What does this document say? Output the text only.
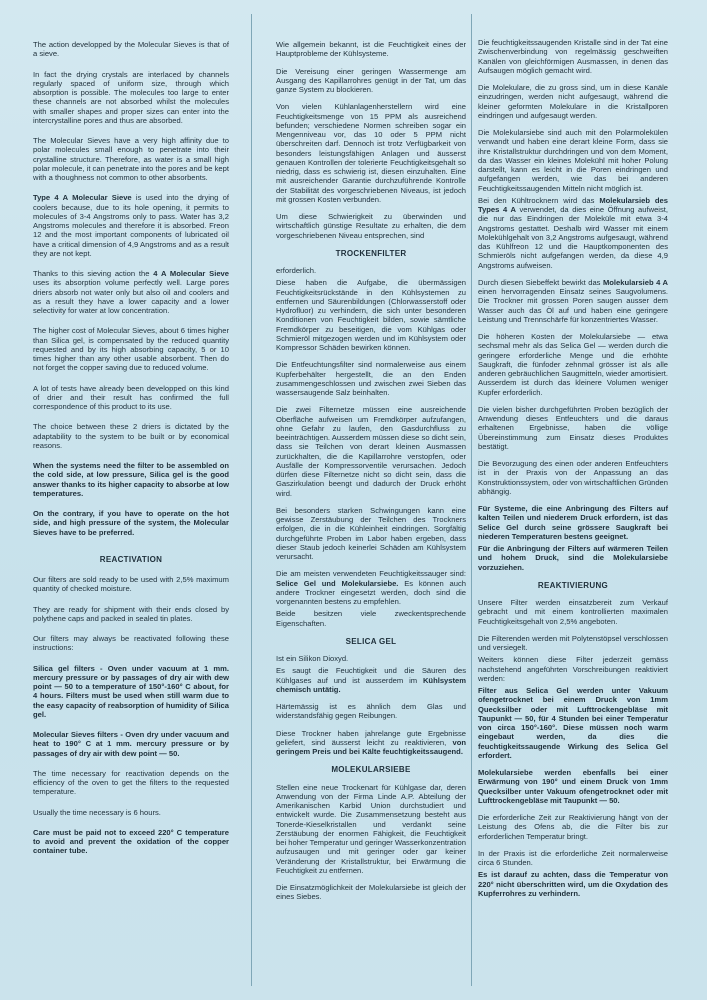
The action developped by the Molecular Sieves is that of a sieve.

In fact the drying crystals are interlaced by channels regularly spaced of uniform size, through which absorption is possible. The molecules too large to enter these channels are not absorbed whilst the molecules with smaller shapes and proper sizes can enter into the intercrystalline pores and thus are absorbed.

The Molecular Sieves have a very high affinity due to polar molecules small enough to penetrate into their crystalline structure. Therefore, as water is a small high polar molecule, it can penetrate into the pores and be kept with a thoughness not common to other absorbents.

Type 4 A Molecular Sieve is used into the drying of coolers because, due to its hole opening, it permits to molecules of 3-4 Angstroms only to pass. Water has 3,2 Angstroms molecules and therefore it is absorbed. Freon 12 and the most important components of lubricated oil have a critical dimension of 4,9 Angstroms and as a result they are not kept.

Thanks to this sieving action the 4 A Molecular Sieve uses its absorption volume perfectly well. Large pores driers absorb not water only but also oil and coolers and as a result they have a lower capacity and a lower selectivity for water at low concentration.

The higher cost of Molecular Sieves, about 6 times higher than Silica gel, is compensated by the reduced quantity requested and by its high absorbing capacity, 5 or 10 times higher than any other usable absorbent. Then do not forget the copper saving due to reduced volume.

A lot of tests have already been developped on this kind of drier and their result has confirmed the full correspondence of this product to its use.

The choice between these 2 driers is dictated by the adaptability to the system to be built or by economical reasons.

When the systems need the filter to be assembled on the cold side, at low pressure, Silica gel is the good answer thanks to its higher capacity to absorbe at low temperatures.

On the contrary, if you have to operate on the hot side, and high pressure of the system, the Molecular Sieves have to be preferred.

REACTIVATION

Our filters are sold ready to be used with 2,5% maximum quantity of checked moisture.

They are ready for shipment with their ends closed by polythene caps and packed in sealed tin plates.

Our filters may always be reactivated following these instructions:

Silica gel filters - Oven under vacuum at 1 mm. mercury pressure or by passages of dry air with dew point — 50 to a temperature of 150°-160° C about, for 4 hours. Filters must be used when still warm due to the easy capacity of reabsorption of humidity of Silica gel.

Molecular Sieves filters - Oven dry under vacuum and heat to 190° C at 1 mm. mercury pressure or by passages of dry air with dew point — 50.

The time necessary for reactivation depends on the efficiency of the oven to get the filters to the requested temperature.

Usually the time necessary is 6 hours.

Care must be paid not to exceed 220° C temperature to avoid and prevent the oxidation of the copper container tube.

Wie allgemein bekannt, ist die Feuchtigkeit eines der Hauptprobleme der Kühlsysteme.

Die Vereisung einer geringen Wassermenge am Ausgang des Kapillarrohres genügt in der Tat, um das ganze System zu blockieren.

Von vielen Kühlanlagenherstellern wird eine Feuchtigkeitsmenge von 15 PPM als ausreichend befunden; verschiedene Normen schreiben sogar ein Mengenniveau vor, das 10 oder 5 PPM nicht überschreiten darf. Dennoch ist trotz Verfügbarkeit von besonders leistungsfähigen Anlagen und äusserst genauen Kontrollen der tolerierte Feuchtigkeitsgehalt so niedrig, dass es schwierig ist, diesen einzuhalten. Eine mit ausreichender Garantie durchzuführende Kontrolle der Stabilität des vorgeschriebenen Niveaus, ist jedoch mit grossen Kosten verbunden.

Um diese Schwierigkeit zu überwinden und wirtschaftlich günstige Resultate zu erhalten, die dem vorgeschriebenen Niveau entsprechen, sind

TROCKENFILTER

erforderlich.

Diese haben die Aufgabe, die übermässigen Feuchtigkeitsrückstände in den Kühlsystemen zu entfernen und Säurenbildungen (Chlorwasserstoff oder Hydrofluor) zu verhindern, die sich unter besonderen Konditionen von Feuchtigkeit bilden, sowie sämtliche Fremdkörper zu beseitigen, die vom Kühlgas oder Schmieröl mitgezogen werden und im Kühlsystem oder Kompressor Schäden bewirken können.

Die Entfeuchtungsfilter sind normalerweise aus einem Kupferbehälter hergestellt, die an den Enden zusammengeschlossen und zwischen zwei Sieben das wassersaugende Salz beinhalten.

Die zwei Filternetze müssen eine ausreichende Oberfläche aufweisen um Fremdkörper aufzufangen, ohne Gefahr zu laufen, den Gasdurchfluss zu beeinträchtigen. Ausserdem müssen diese so dicht sein, dass sie Teilchen von derart kleinen Ausmassen zurückhalten, die die Kapillarrohre verstopfen, oder Ausfälle der Kompressorventile verursachen. Jedoch dürfen diese Filternetze nicht so dicht sein, dass die Gaszirkulation beengt und dadurch der Druck erhöht wird.

Bei besonders starken Schwingungen kann eine gewisse Zerstäubung der Teilchen des Trockners erfolgen, die in die Kühleinheit eindringen. Sorgfältig durchgeführte Proben im Labor haben ergeben, dass dieser Staub jedoch keinerlei Schäden am Kühlsystem verursacht.

Die am meisten verwendeten Feuchtigkeitssauger sind: Selice Gel und Molekularsiebe. Es können auch andere Trockner eingesetzt werden, doch sind die vorgenannten bestens zu empfehlen.

Beide besitzen viele zweckentsprechende Eigenschaften.

SELICA GEL

Ist ein Silikon Dioxyd.

Es saugt die Feuchtigkeit und die Säuren des Kühlgases auf und ist ausserdem im Kühlsystem chemisch untätig.

Härtemässig ist es ähnlich dem Glas und widerstandsfähig gegen Reibungen.

Diese Trockner haben jahrelange gute Ergebnisse geliefert, sind äusserst leicht zu reaktivieren, von geringem Preis und bei Kälte feuchtigkeitssaugend.

MOLEKULARSIEBE

Stellen eine neue Trockenart für Kühlgase dar, deren Anwendung von der Firma Linde A.P. Abteilung der Amerikanischen Karbid Union durchstudiert und entwickelt wurde. Die Zusammensetzung besteht aus Tonerde-Kieselkristallen und verdankt seine Zerstäubung der enormen Fähigkeit, die Feuchtigkeit bei hoher Temperatur und geringer Wasserkonzentration aufzusaugen und mit geringer oder gar keiner Veränderung der Kristallstruktur, bei Erwärmung die Feuchtigkeit zu entfernen.

Die Einsatzmöglichkeit der Molekularsiebe ist gleich der eines Siebes.

Die feuchtigkeitssaugenden Kristalle sind in der Tat eine Zwischenverbindung von regelmässig geschweiften Kanälen von gleichförmigen Ausmassen, in denen das Aufsaugen möglich gemacht wird.

Die Molekulare, die zu gross sind, um in diese Kanäle einzudringen, werden nicht aufgesaugt, während die kleiner geformten Molekulare in die Kristallporen eindringen und aufgesaugt werden.

Die Molekularsiebe sind auch mit den Polarmolekülen verwandt und haben eine derart kleine Form, dass sie ihre Kristallstruktur durchdringen und von dem Moment, da das Wasser ein kleines Molekühl mit hoher Polung darstellt, kann es leicht in die Poren eindringen und aufgefangen werden, wie das bei anderen Feuchtigkeitssaugenden Mitteln nicht möglich ist.

Bei den Kühltrocknern wird das Molekularsieb des Types 4 A verwendet, da dies eine Öffnung aufweist, die nur das Eindringen der Moleküle mit etwa 3-4 Angstroms gestattet. Deshalb wird Wasser mit einem Molekühlgehalt von 3,2 Angstroms aufgesaugt, während das Kühlfreon 12 und die Hauptkomponenten des Schmieröls nicht aufgefangen werden, da diese 4,9 Angstroms aufweisen.

Durch diesen Siebeffekt bewirkt das Molekularsieb 4 A einen hervorragenden Einsatz seines Saugvolumens. Die Trockner mit grossen Poren saugen ausser dem Wasser auch das Öl auf und haben eine geringere Leistung und Trennschärfe für konzentriertes Wasser.

Die höheren Kosten der Molekularsiebe — etwa sechsmal mehr als das Selica Gel — werden durch die geringere erforderliche Menge und die erhöhte Saugkraft, die fünfoder zehnmal grösser ist als alle anderen gebräuchlichen Saugmitteln, wieder amortisiert. Ausserdem ist durch das kleinere Volumen weniger Kupfer erforderlich.

Die vielen bisher durchgeführten Proben bezüglich der Anwendung dieses Entfeuchters und die daraus erhaltenen Ergebnisse, haben die völlige Übereinstimmung zum Einsatz dieses Produktes bestätigt.

Die Bevorzugung des einen oder anderen Entfeuchters ist in der Praxis von der Anpassung an das Konstruktionssystem, oder von wirtschaftlichen Gründen abhängig.

Für Systeme, die eine Anbringung des Filters auf kalten Teilen und niederem Druck erfordern, ist das Selice Gel durch seine grössere Saugkraft bei niederen Temperaturen bestens geeignet.

Für die Anbringung der Filters auf wärmeren Teilen und hohem Druck, sind die Molekularsiebe vorzuziehen.

REAKTIVIERUNG

Unsere Filter werden einsatzbereit zum Verkauf gebracht und mit einem kontrollierten maximalen Feuchtigkeitsgehalt von 2,5% angeboten.

Die Filterenden werden mit Polytenstöpsel verschlossen und versiegelt.

Weiters können diese Filter jederzeit gemäss nachstehend angeführten Vorschreibungen reaktiviert werden:

Filter aus Selica Gel werden unter Vakuum ofengetrocknet bei einem Druck von 1mm Quecksilber oder mit Lufttrockengebläse mit Taupunkt — 50, für 4 Stunden bei einer Temperatur von circa 150°-160°. Diese müssen noch warm eingebaut werden, da dies die feuchtigkeitssaugende Wirkung des Selica Gel erfordert.

Molekularsiebe werden ebenfalls bei einer Erwärmung von 190° und einem Druck von 1mm Quecksilber unter Vakuum ofengetrocknet oder mit Lufttrockengebläse mit Taupunkt — 50.

Die erforderliche Zeit zur Reaktivierung hängt von der Leistung des Ofens ab, die die Filter bis zur erforderlichen Temperatur bringt.

In der Praxis ist die erforderliche Zeit normalerweise circa 6 Stunden.

Es ist darauf zu achten, dass die Temperatur von 220° nicht überschritten wird, um die Oxydation des Kupferrohres zu verhindern.
